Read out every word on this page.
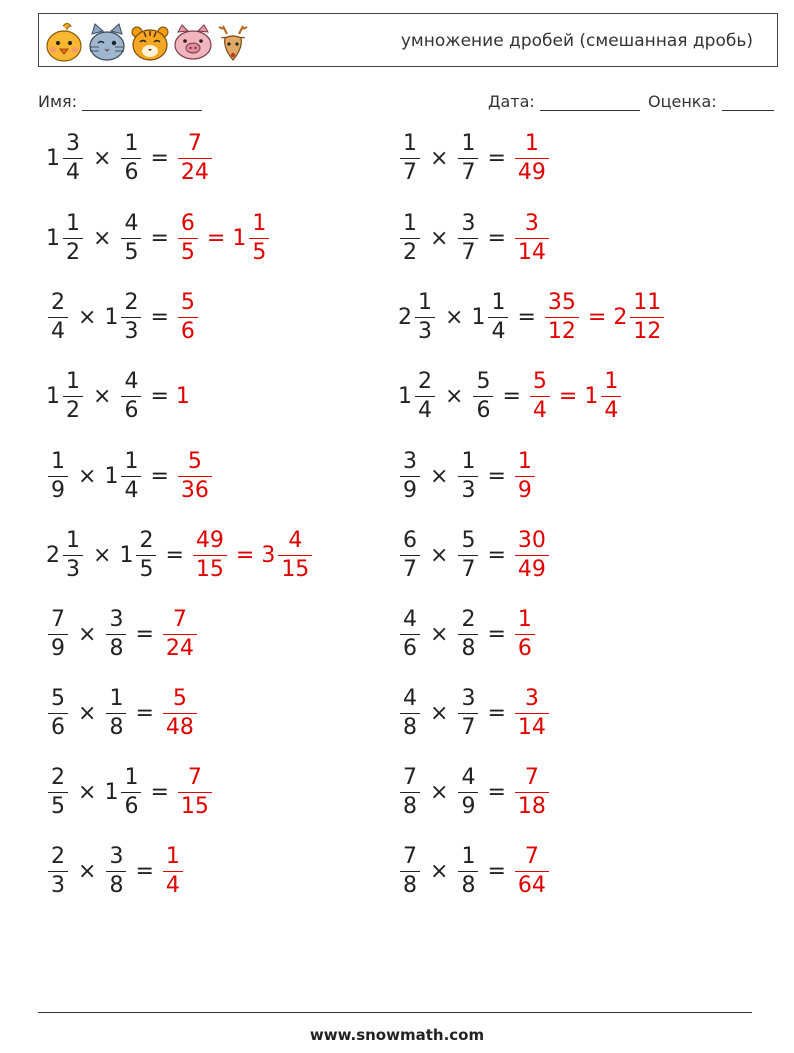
умножение дробей (смешанная дробь)
Имя:	Дата:	Оценка:
$1 \frac{3}{4} \times \frac{1}{6} = \frac{7}{24}$	$\frac{1}{7} \times \frac{1}{7} = \frac{1}{49}$
$1 \frac{1}{2} \times \frac{4}{5} = \frac{6}{5} = 1 \frac{1}{5}$	$\frac{1}{2} \times \frac{3}{7} = \frac{3}{14}$
$\frac{2}{4} \times 1 \frac{2}{3} = \frac{5}{6}$	$2 \frac{1}{3} \times 1 \frac{1}{4} = \frac{35}{12} = 2 \frac{11}{12}$
$1 \frac{1}{2} \times \frac{4}{6} = 1$	$1 \frac{2}{4} \times \frac{5}{6} = \frac{5}{4} = 1 \frac{1}{4}$
$\frac{1}{9} \times 1 \frac{1}{4} = \frac{5}{36}$	$\frac{3}{9} \times \frac{1}{3} = \frac{1}{9}$
$2 \frac{1}{3} \times 1 \frac{2}{5} = \frac{49}{15} = 3 \frac{4}{15}$	$\frac{6}{7} \times \frac{5}{7} = \frac{30}{49}$
$\frac{7}{9} \times \frac{3}{8} = \frac{7}{24}$	$\frac{4}{6} \times \frac{2}{8} = \frac{1}{6}$
$\frac{5}{6} \times \frac{1}{8} = \frac{5}{48}$	$\frac{4}{8} \times \frac{3}{7} = \frac{3}{14}$
$\frac{2}{5} \times 1 \frac{1}{6} = \frac{7}{15}$	$\frac{7}{8} \times \frac{4}{9} = \frac{7}{18}$
$\frac{2}{3} \times \frac{3}{8} = \frac{1}{4}$	$\frac{7}{8} \times \frac{1}{8} = \frac{7}{64}$
www.snowmath.com
